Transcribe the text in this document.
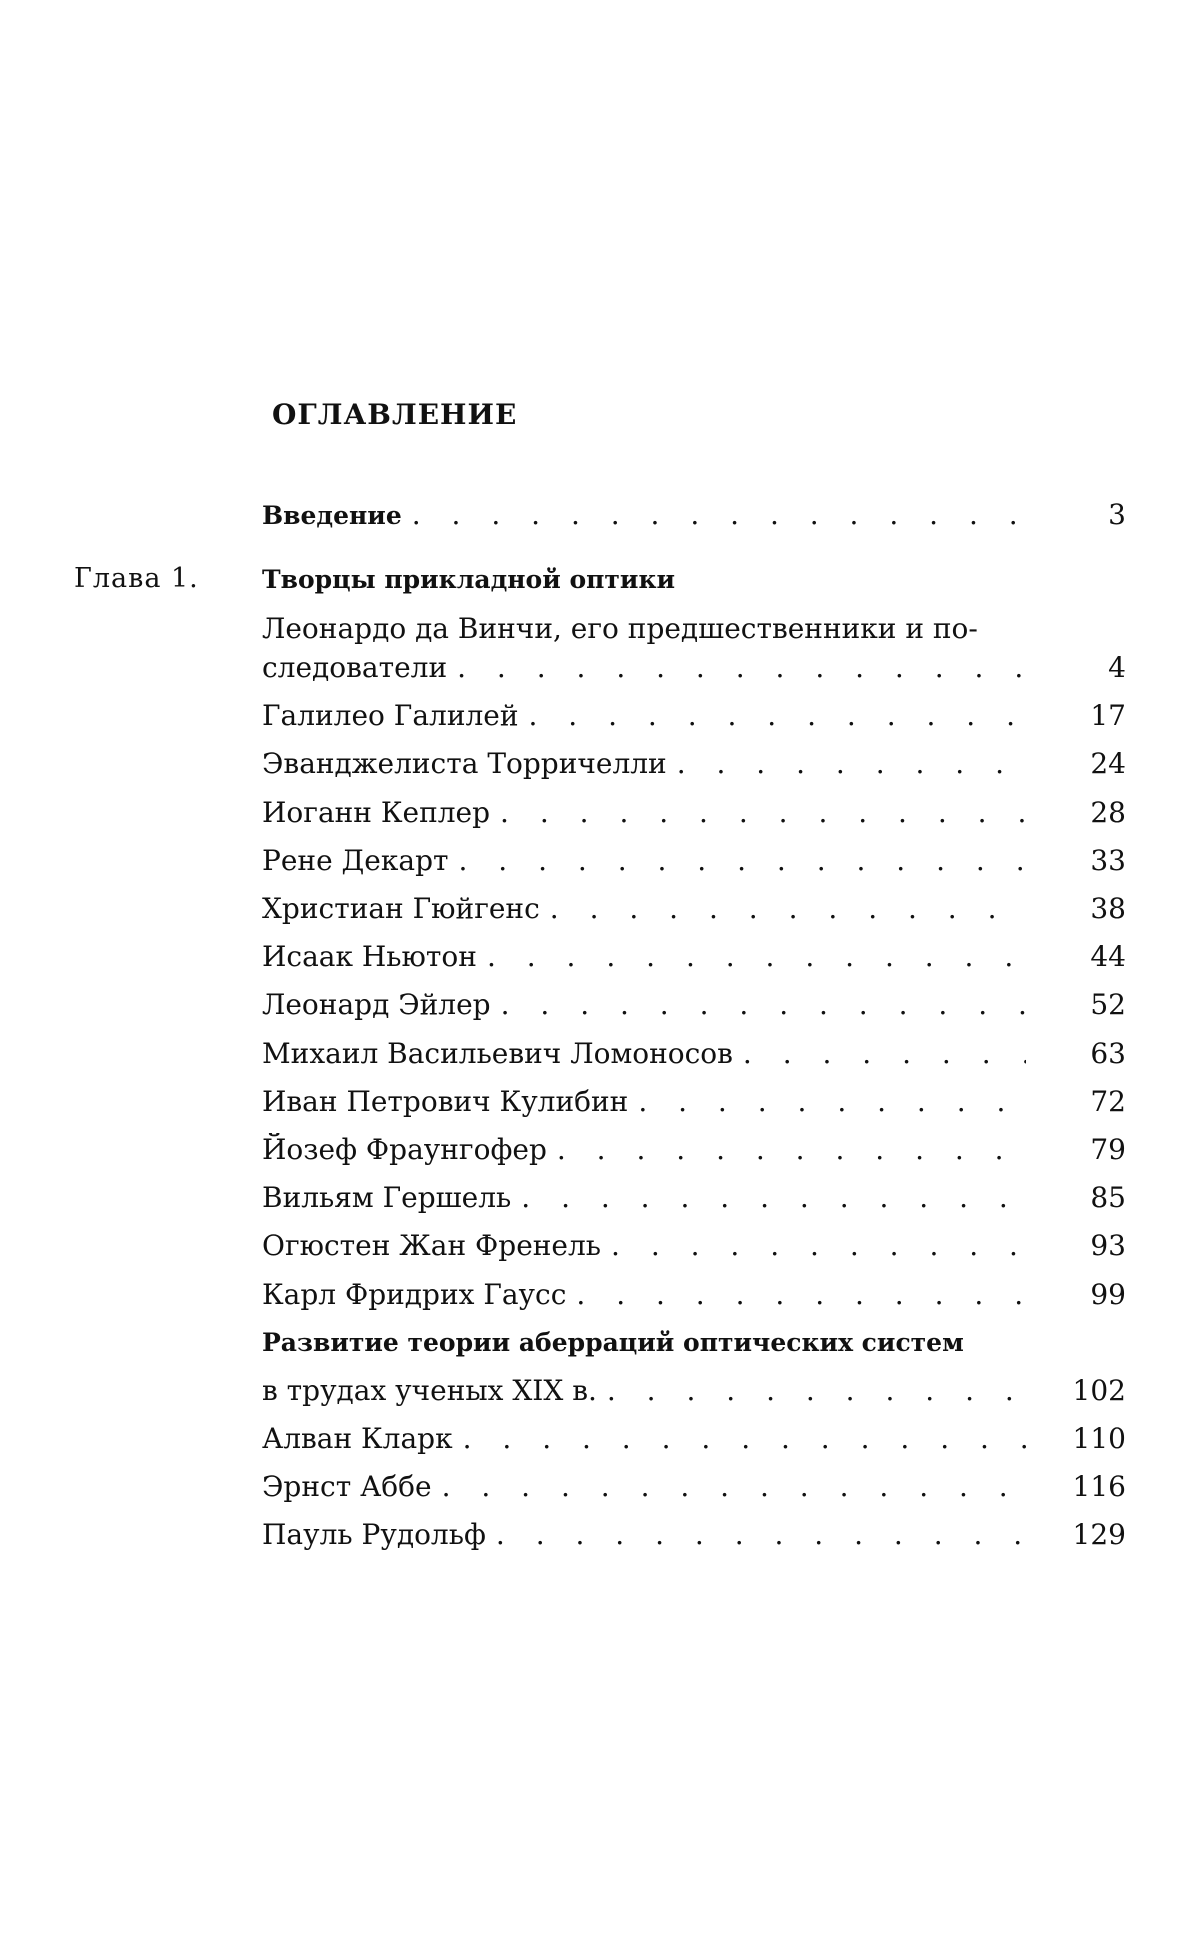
ОГЛАВЛЕНИЕ
Введение . . .	3
Глава 1.	Творцы прикладной оптики
Леонардо да Винчи, его предшественники и по-
следователи . . .	4
Галилео Галилей . . .	17
Эванджелиста Торричелли . . .	24
Иоганн Кеплер . . .	28
Рене Декарт . . .	33
Христиан Гюйгенс . . .	38
Исаак Ньютон . . .	44
Леонард Эйлер . . .	52
Михаил Васильевич Ломоносов . . .	63
Иван Петрович Кулибин . . .	72
Йозеф Фраунгофер . . .	79
Вильям Гершель . . .	85
Огюстен Жан Френель . . .	93
Карл Фридрих Гаусс . . .	99
Развитие теории аберраций оптических систем
в трудах ученых XIX в. . . .	102
Алван Кларк . . .	110
Эрнст Аббе . . .	116
Пауль Рудольф . . .	129
